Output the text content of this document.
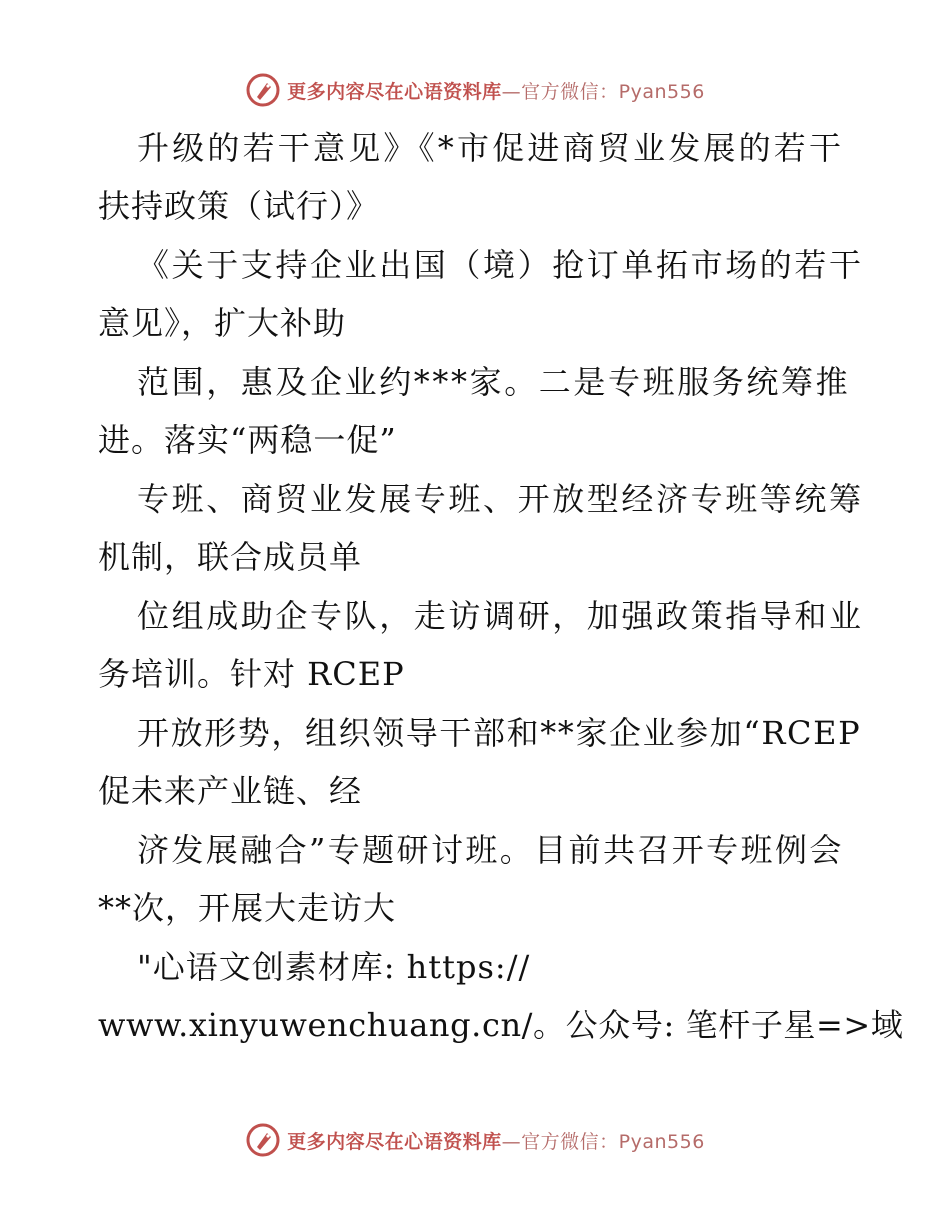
更多内容尽在心语资料库—官方微信：Pyan556
升级的若干意见》《*市促进商贸业发展的若干
扶持政策（试行）》
《关于支持企业出国（境）抢订单拓市场的若干
意见》，扩大补助
范围，惠及企业约***家。二是专班服务统筹推
进。落实“两稳一促”
专班、商贸业发展专班、开放型经济专班等统筹
机制，联合成员单
位组成助企专队，走访调研，加强政策指导和业
务培训。针对 RCEP
开放形势，组织领导干部和**家企业参加“RCEP
促未来产业链、经
济发展融合”专题研讨班。目前共召开专班例会
**次，开展大走访大
"心语文创素材库: https://
www.xinyuwenchuang.cn/。公众号: 笔杆子星=>域
更多内容尽在心语资料库—官方微信：Pyan556
